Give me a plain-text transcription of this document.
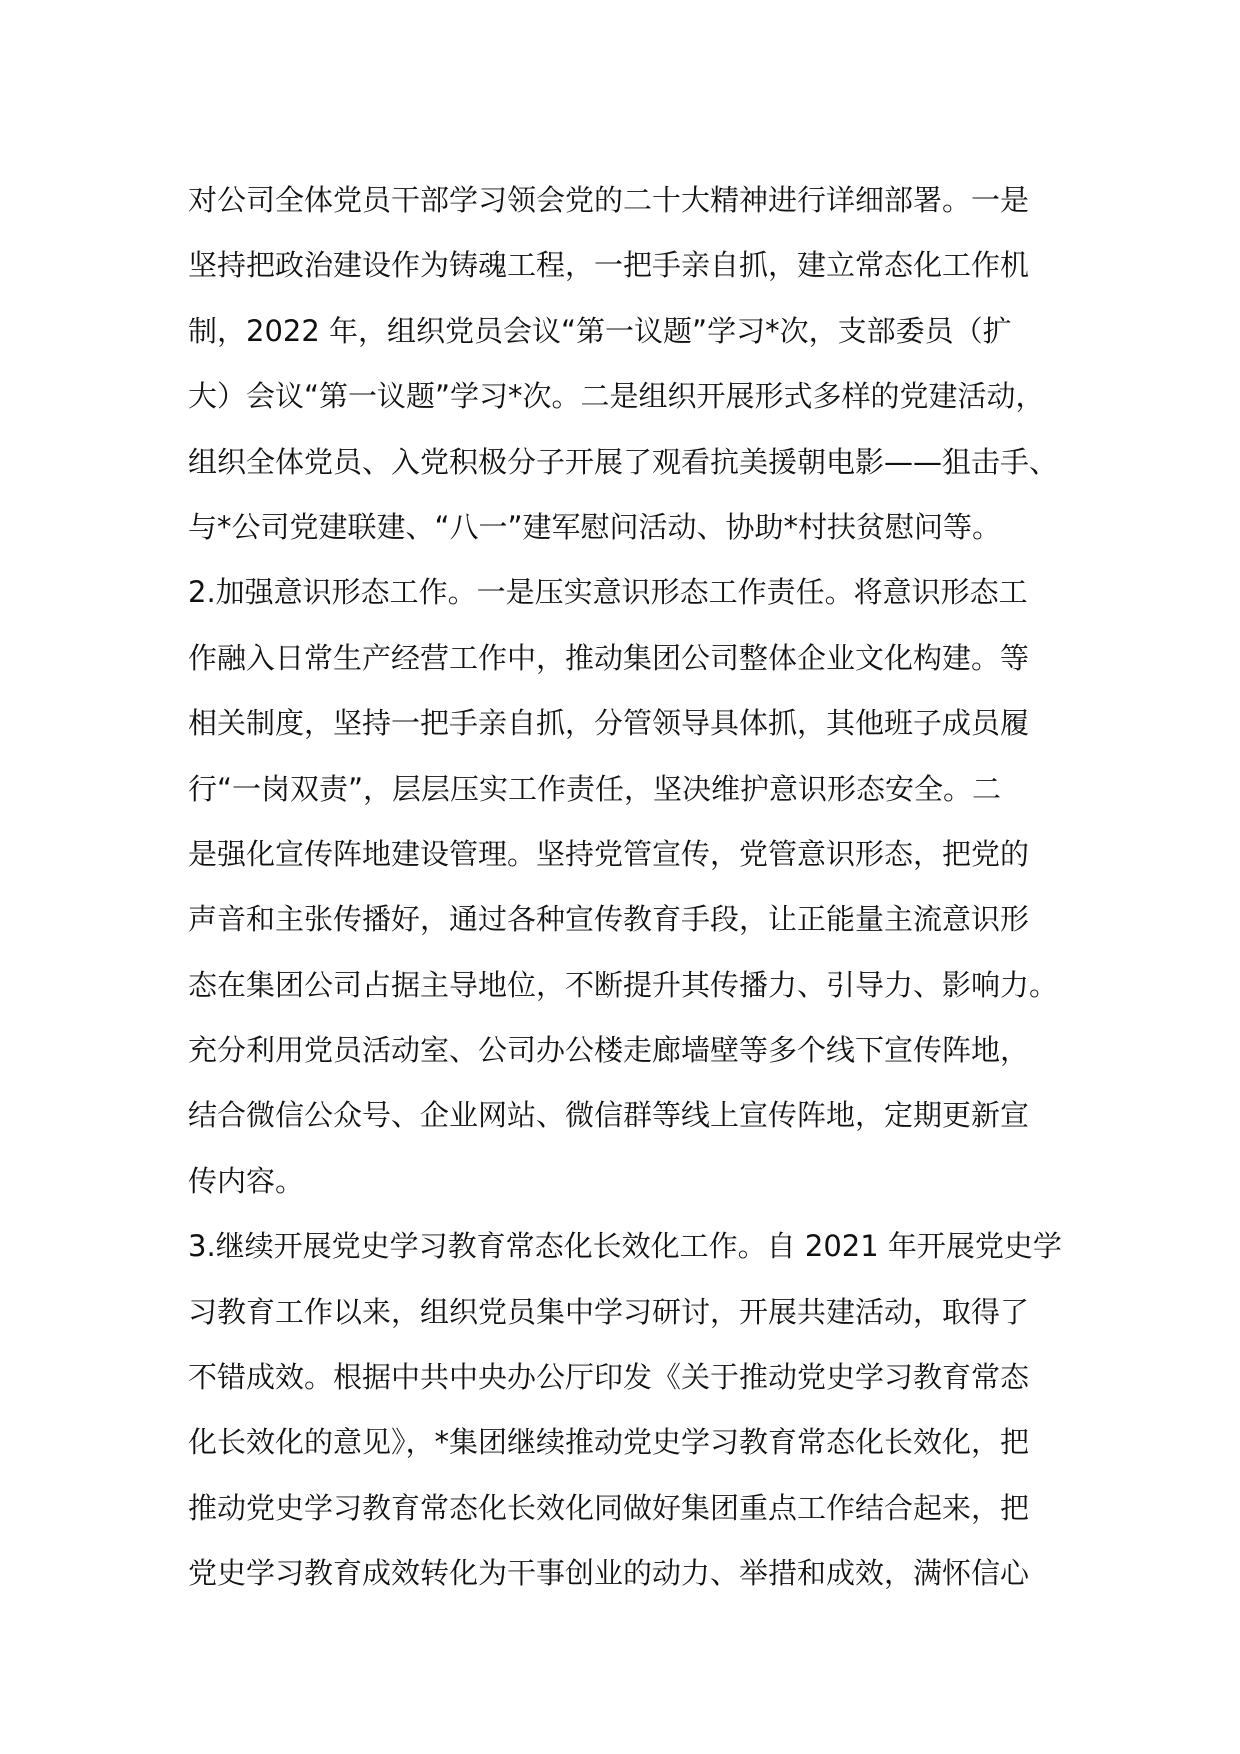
对公司全体党员干部学习领会党的二十大精神进行详细部署。一是
坚持把政治建设作为铸魂工程，一把手亲自抓，建立常态化工作机
制，2022 年，组织党员会议“第一议题”学习*次，支部委员（扩
大）会议“第一议题”学习*次。二是组织开展形式多样的党建活动，
组织全体党员、入党积极分子开展了观看抗美援朝电影——狙击手、
与*公司党建联建、“八一”建军慰问活动、协助*村扶贫慰问等。
2.加强意识形态工作。一是压实意识形态工作责任。将意识形态工
作融入日常生产经营工作中，推动集团公司整体企业文化构建。等
相关制度，坚持一把手亲自抓，分管领导具体抓，其他班子成员履
行“一岗双责”，层层压实工作责任，坚决维护意识形态安全。二
是强化宣传阵地建设管理。坚持党管宣传，党管意识形态，把党的
声音和主张传播好，通过各种宣传教育手段，让正能量主流意识形
态在集团公司占据主导地位，不断提升其传播力、引导力、影响力。
充分利用党员活动室、公司办公楼走廊墙壁等多个线下宣传阵地，
结合微信公众号、企业网站、微信群等线上宣传阵地，定期更新宣
传内容。
3.继续开展党史学习教育常态化长效化工作。自 2021 年开展党史学
习教育工作以来，组织党员集中学习研讨，开展共建活动，取得了
不错成效。根据中共中央办公厅印发《关于推动党史学习教育常态
化长效化的意见》，*集团继续推动党史学习教育常态化长效化，把
推动党史学习教育常态化长效化同做好集团重点工作结合起来，把
党史学习教育成效转化为干事创业的动力、举措和成效，满怀信心
